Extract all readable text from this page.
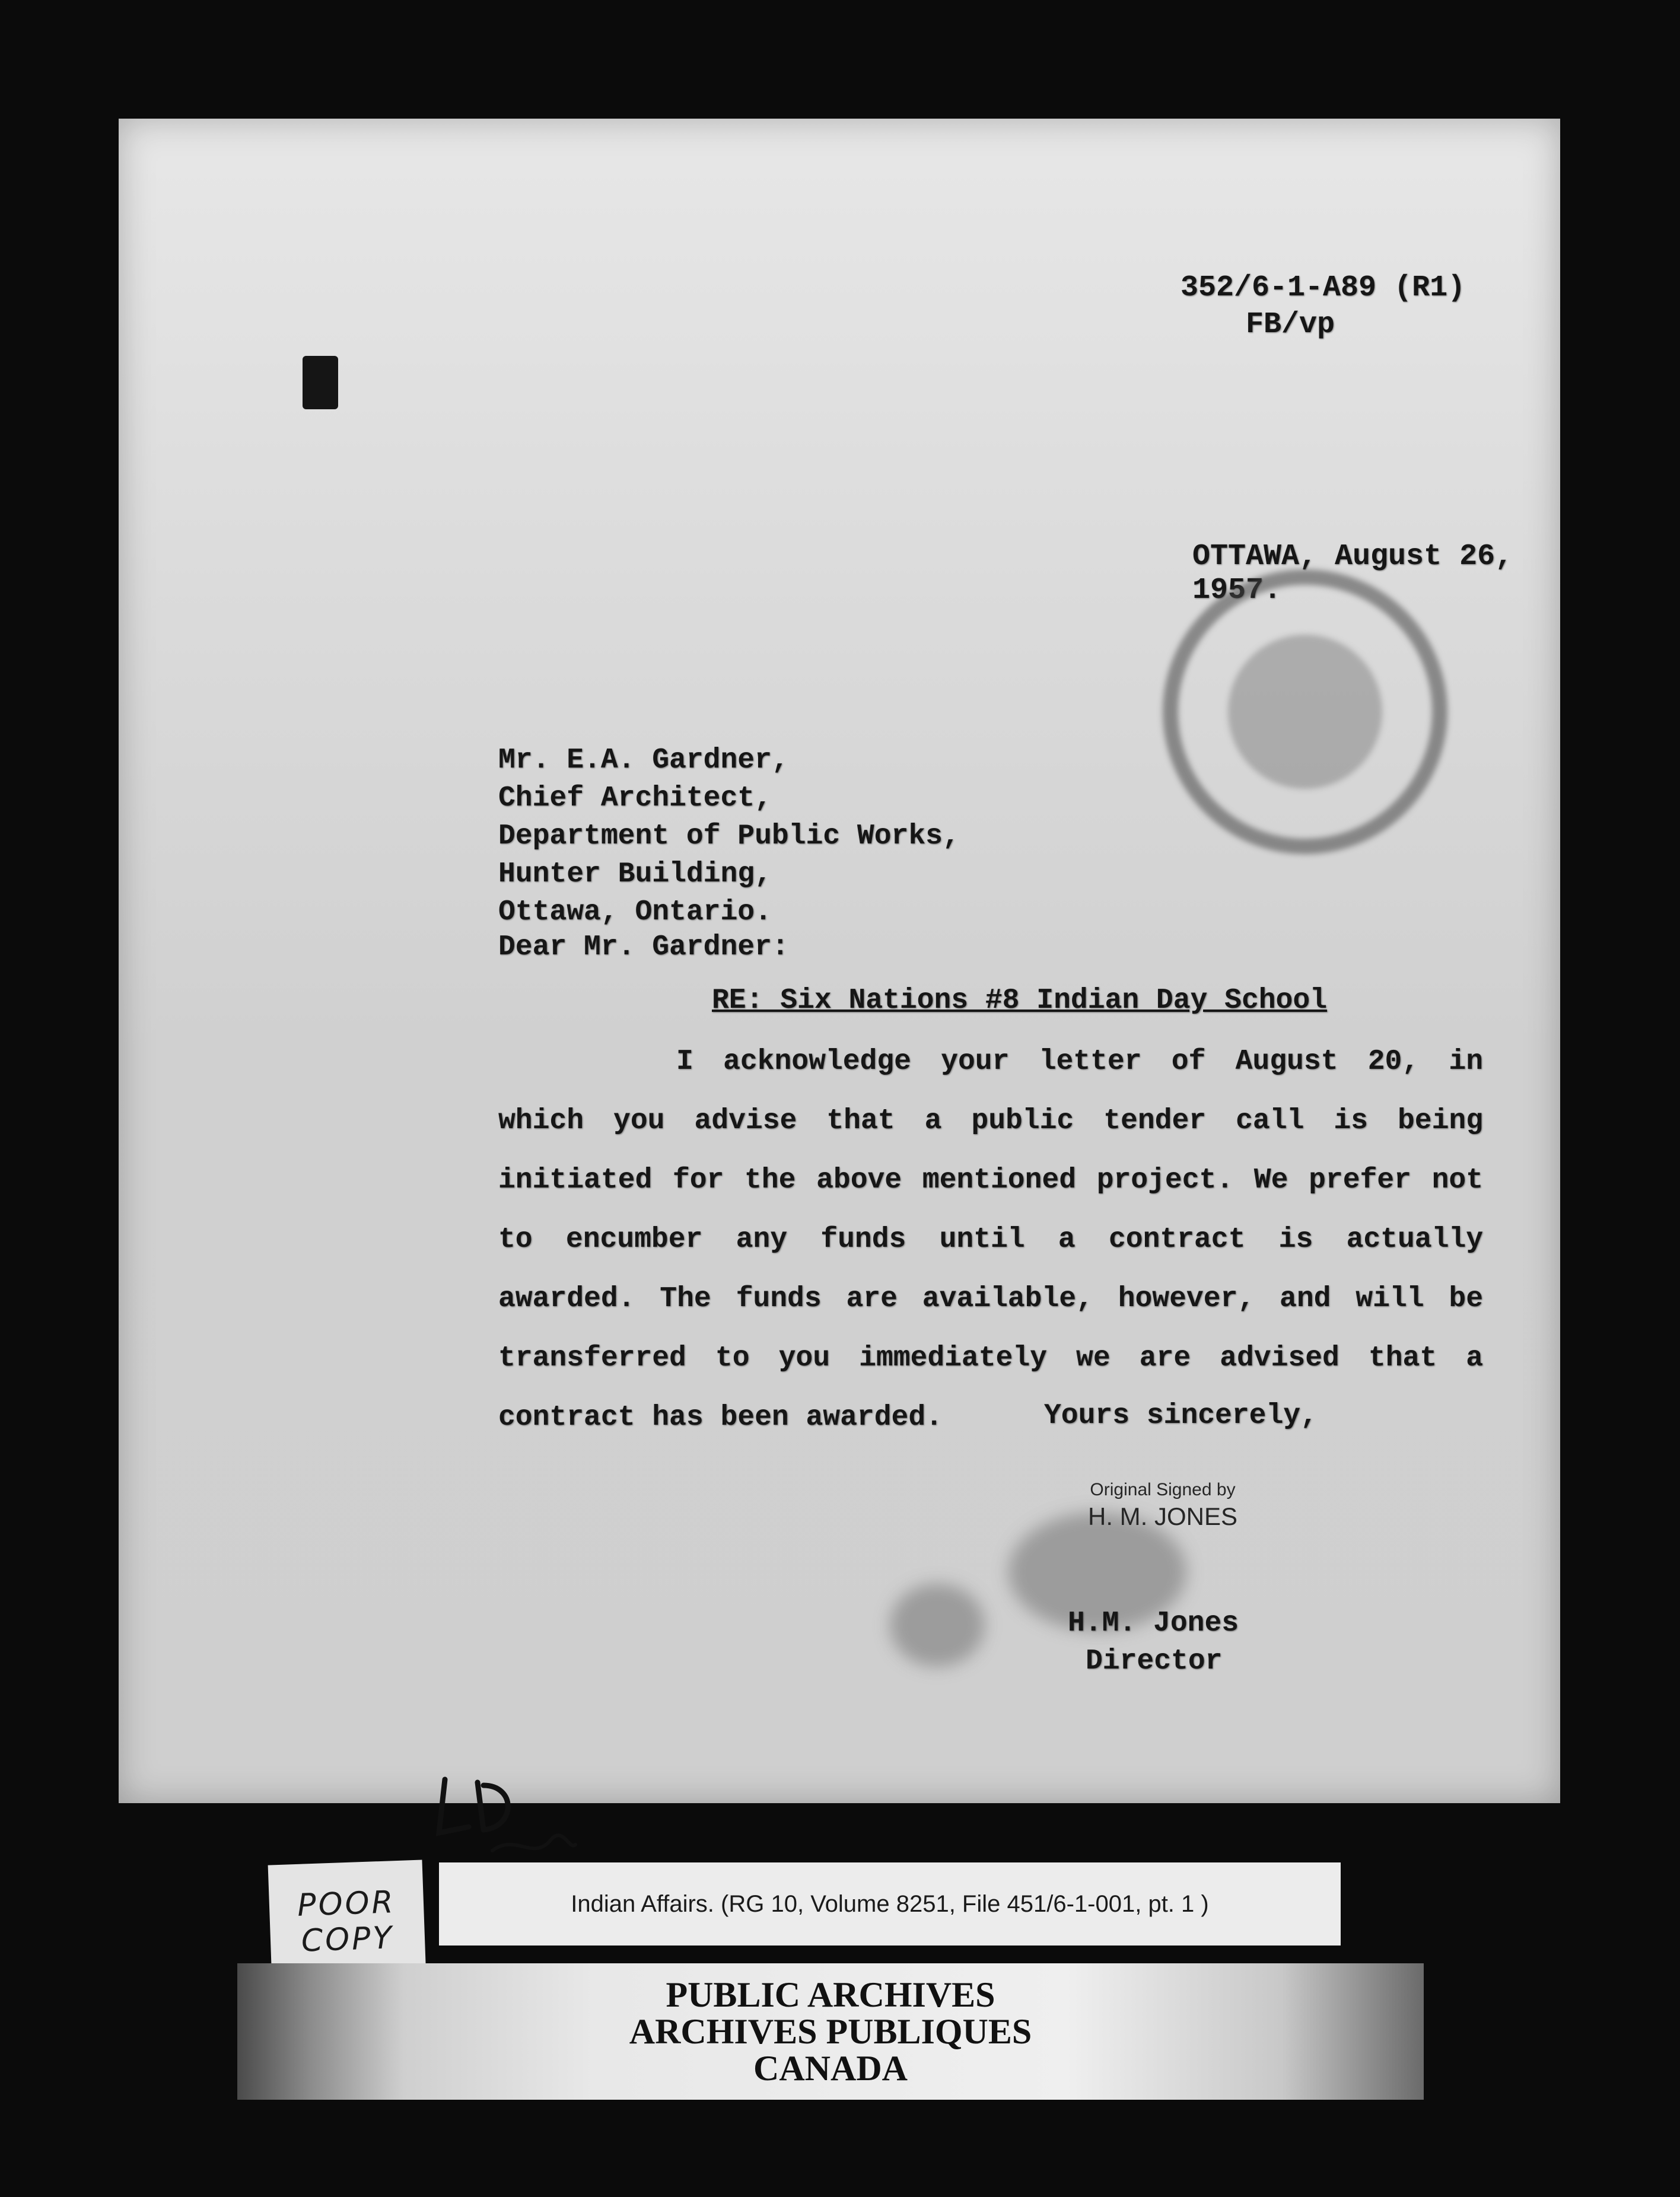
352/6-1-A89 (R1)
FB/vp
OTTAWA, August 26, 1957.
Mr. E.A. Gardner,
Chief Architect,
Department of Public Works,
Hunter Building,
Ottawa, Ontario.
Dear Mr. Gardner:
RE: Six Nations #8 Indian Day School
I acknowledge your letter of August 20, in which you advise that a public tender call is being initiated for the above mentioned project. We prefer not to encumber any funds until a contract is actually awarded. The funds are available, however, and will be transferred to you immediately we are advised that a contract has been awarded.	Yours sincerely,
Original Signed by
H. M. JONES
H.M. Jones
Director
POOR
COPY
Indian Affairs. (RG 10, Volume 8251, File 451/6-1-001, pt. 1 )
PUBLIC ARCHIVES
ARCHIVES PUBLIQUES
CANADA
